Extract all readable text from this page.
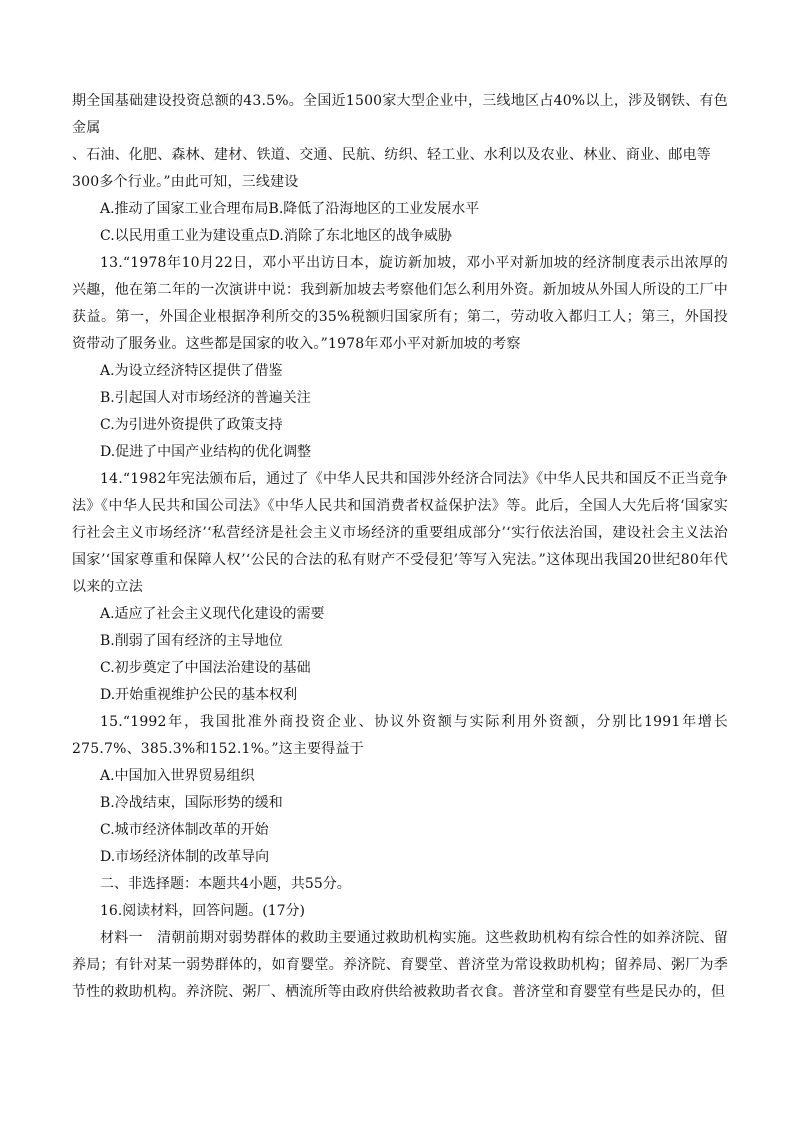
期全国基础建设投资总额的43.5%。全国近1500家大型企业中，三线地区占40%以上，涉及钢铁、有色金属

、石油、化肥、森林、建材、铁道、交通、民航、纺织、轻工业、水利以及农业、林业、商业、邮电等

300多个行业。”由此可知，三线建设

A.推动了国家工业合理布局B.降低了沿海地区的工业发展水平

C.以民用重工业为建设重点D.消除了东北地区的战争威胁

13.“1978年10月22日，邓小平出访日本，旋访新加坡，邓小平对新加坡的经济制度表示出浓厚的兴趣，他在第二年的一次演讲中说：我到新加坡去考察他们怎么利用外资。新加坡从外国人所设的工厂中获益。第一，外国企业根据净利所交的35%税额归国家所有；第二，劳动收入都归工人；第三，外国投资带动了服务业。这些都是国家的收入。”1978年邓小平对新加坡的考察

A.为设立经济特区提供了借鉴

B.引起国人对市场经济的普遍关注

C.为引进外资提供了政策支持

D.促进了中国产业结构的优化调整

14.“1982年宪法颁布后，通过了《中华人民共和国涉外经济合同法》《中华人民共和国反不正当竞争法》《中华人民共和国公司法》《中华人民共和国消费者权益保护法》等。此后，全国人大先后将‘国家实行社会主义市场经济’‘私营经济是社会主义市场经济的重要组成部分’‘实行依法治国，建设社会主义法治国家’‘国家尊重和保障人权’‘公民的合法的私有财产不受侵犯’等写入宪法。”这体现出我国20世纪80年代以来的立法

A.适应了社会主义现代化建设的需要

B.削弱了国有经济的主导地位

C.初步奠定了中国法治建设的基础

D.开始重视维护公民的基本权利

15.“1992年，我国批准外商投资企业、协议外资额与实际利用外资额，分别比1991年增长275.7%、385.3%和152.1%。”这主要得益于

A.中国加入世界贸易组织

B.冷战结束，国际形势的缓和

C.城市经济体制改革的开始

D.市场经济体制的改革导向

二、非选择题：本题共4小题，共55分。

16.阅读材料，回答问题。(17分)

材料一　清朝前期对弱势群体的救助主要通过救助机构实施。这些救助机构有综合性的如养济院、留养局；有针对某一弱势群体的，如育婴堂。养济院、育婴堂、普济堂为常设救助机构；留养局、粥厂为季节性的救助机构。养济院、粥厂、栖流所等由政府供给被救助者衣食。普济堂和育婴堂有些是民办的，但
